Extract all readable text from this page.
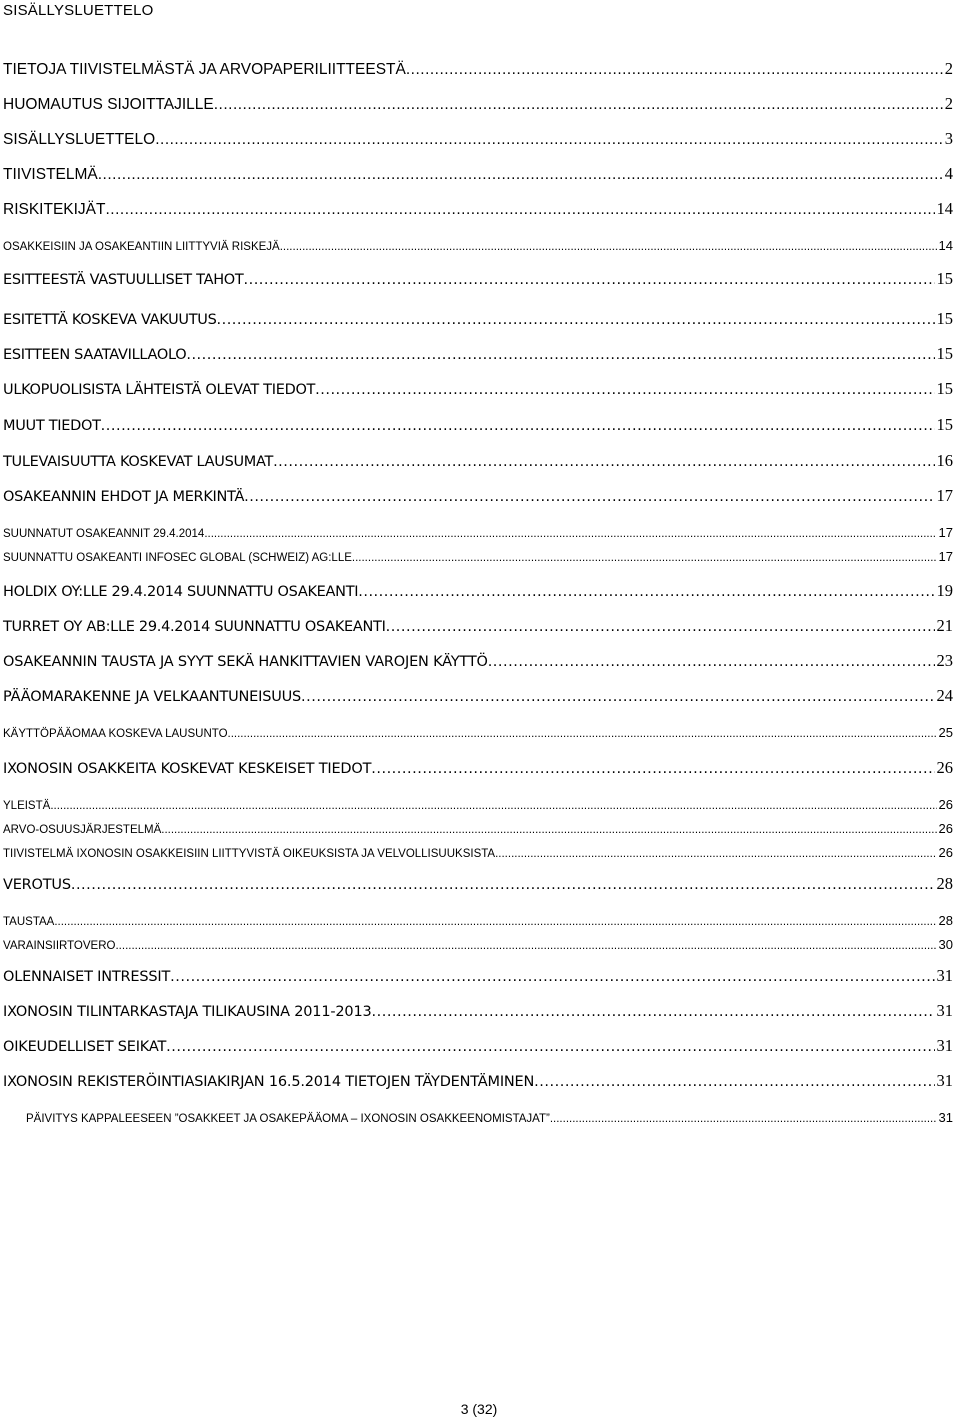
SISÄLLYSLUETTELO
TIETOJA TIIVISTELMÄSTÄ JA ARVOPAPERILIITTEESTÄ .....	2
HUOMAUTUS SIJOITTAJILLE .....	2
SISÄLLYSLUETTELO .....	3
TIIVISTELMÄ .....	4
RISKITEKIJÄT .....	14
OSAKKEISIIN JA OSAKEANTIIN LIITTYVIÄ RISKEJÄ .....	14
ESITTEESTÄ VASTUULLISET TAHOT .....	15
ESITETTÄ KOSKEVA VAKUUTUS .....	15
ESITTEEN SAATAVILLAOLO .....	15
ULKOPUOLISISTA LÄHTEISTÄ OLEVAT TIEDOT .....	15
MUUT TIEDOT .....	15
TULEVAISUUTTA KOSKEVAT LAUSUMAT .....	16
OSAKEANNIN EHDOT JA MERKINTÄ .....	17
SUUNNATUT OSAKEANNIT 29.4.2014 .....	17
SUUNNATTU OSAKEANTI INFOSEC GLOBAL (SCHWEIZ) AG:LLE .....	17
HOLDIX OY:LLE 29.4.2014 SUUNNATTU OSAKEANTI .....	19
TURRET OY AB:LLE 29.4.2014 SUUNNATTU OSAKEANTI .....	21
OSAKEANNIN TAUSTA JA SYYT SEKÄ HANKITTAVIEN VAROJEN KÄYTTÖ .....	23
PÄÄOMARAKENNE JA VELKAANTUNEISUUS .....	24
KÄYTTÖPÄÄOMAA KOSKEVA LAUSUNTO .....	25
IXONOSIN OSAKKEITA KOSKEVAT KESKEISET TIEDOT .....	26
YLEISTÄ .....	26
ARVO-OSUUSJÄRJESTELMÄ .....	26
TIIVISTELMÄ IXONOSIN OSAKKEISIIN LIITTYVISTÄ OIKEUKSISTA JA VELVOLLISUUKSISTA .....	26
VEROTUS .....	28
TAUSTAA .....	28
VARAINSIIRTOVERO .....	30
OLENNAISET INTRESSIT .....	31
IXONOSIN TILINTARKASTAJA TILIKAUSINA 2011-2013 .....	31
OIKEUDELLISET SEIKAT .....	31
IXONOSIN REKISTERÖINTIASIAKIRJAN 16.5.2014 TIETOJEN TÄYDENTÄMINEN .....	31
PÄIVITYS KAPPALEESEEN ”OSAKKEET JA OSAKEPÄÄOMA – IXONOSIN OSAKKEENOMISTAJAT” .....	31
3 (32)
